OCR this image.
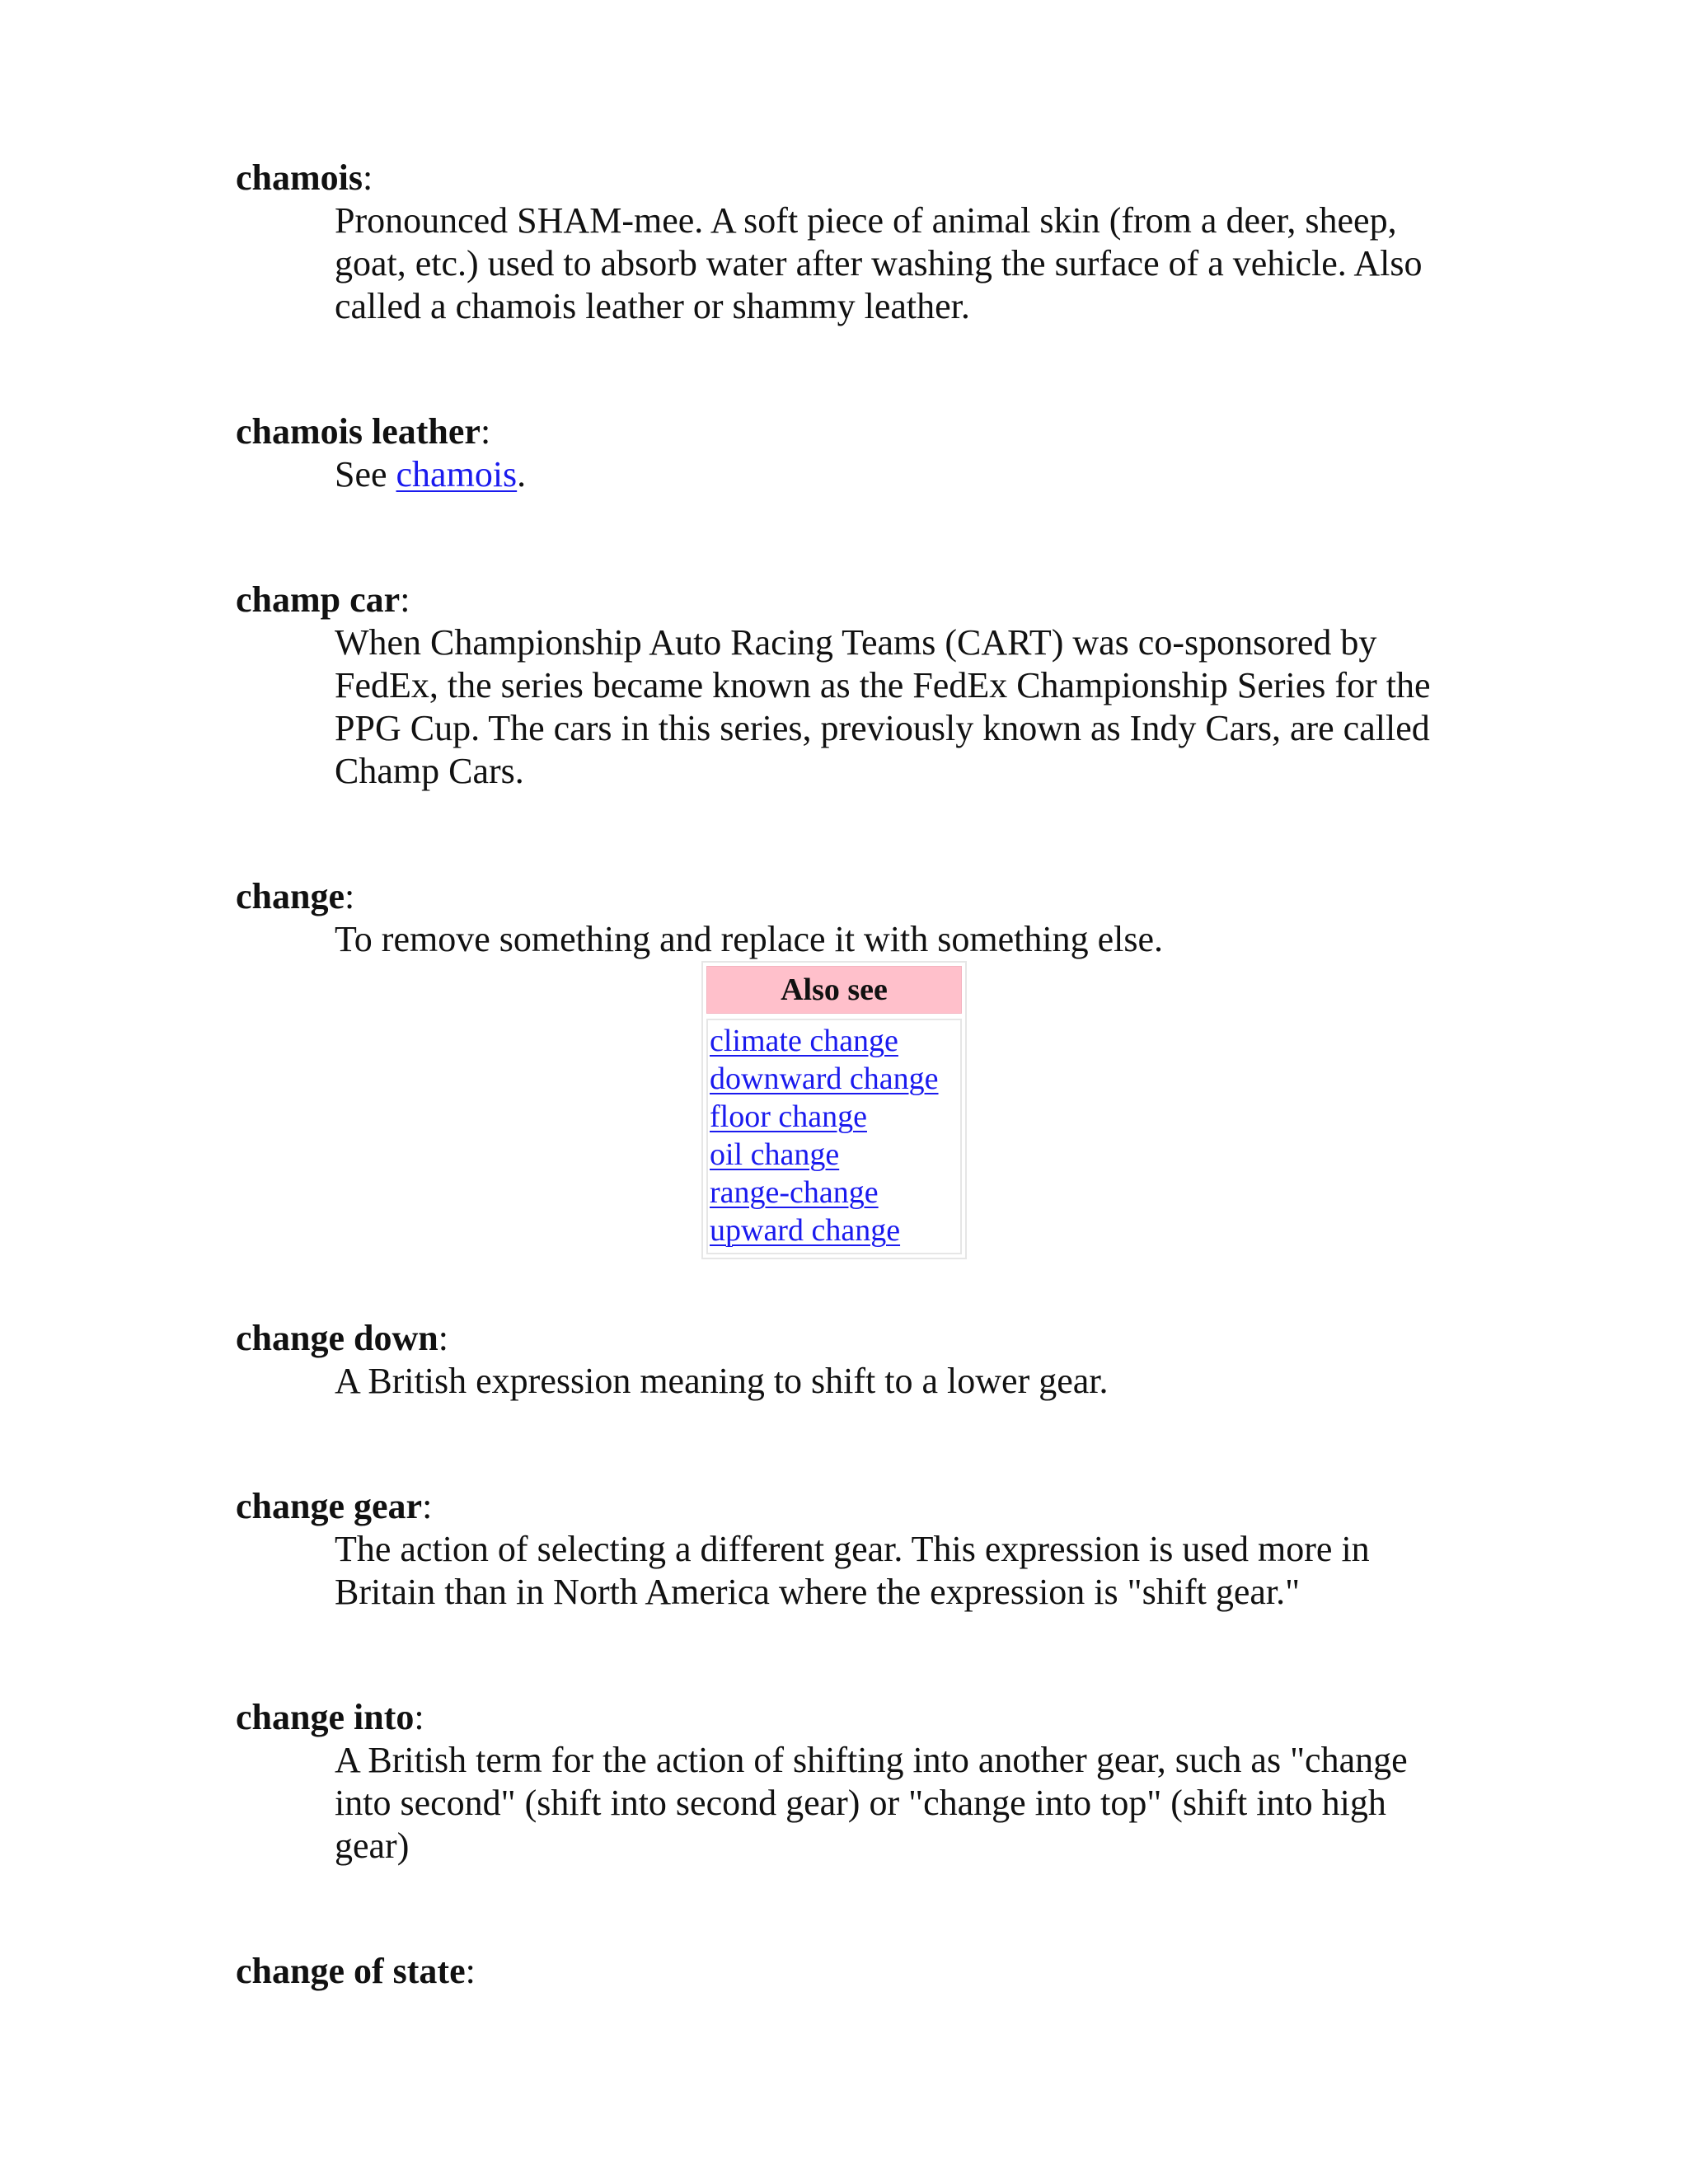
chamois:

Pronounced SHAM-mee. A soft piece of animal skin (from a deer, sheep, goat, etc.) used to absorb water after washing the surface of a vehicle. Also called a chamois leather or shammy leather.

chamois leather:

See chamois.

champ car:

When Championship Auto Racing Teams (CART) was co-sponsored by FedEx, the series became known as the FedEx Championship Series for the PPG Cup. The cars in this series, previously known as Indy Cars, are called Champ Cars.

change:

To remove something and replace it with something else.

Also see
climate change
downward change
floor change
oil change
range-change
upward change

change down:

A British expression meaning to shift to a lower gear.

change gear:

The action of selecting a different gear. This expression is used more in Britain than in North America where the expression is "shift gear."

change into:

A British term for the action of shifting into another gear, such as "change into second" (shift into second gear) or "change into top" (shift into high gear)

change of state:
